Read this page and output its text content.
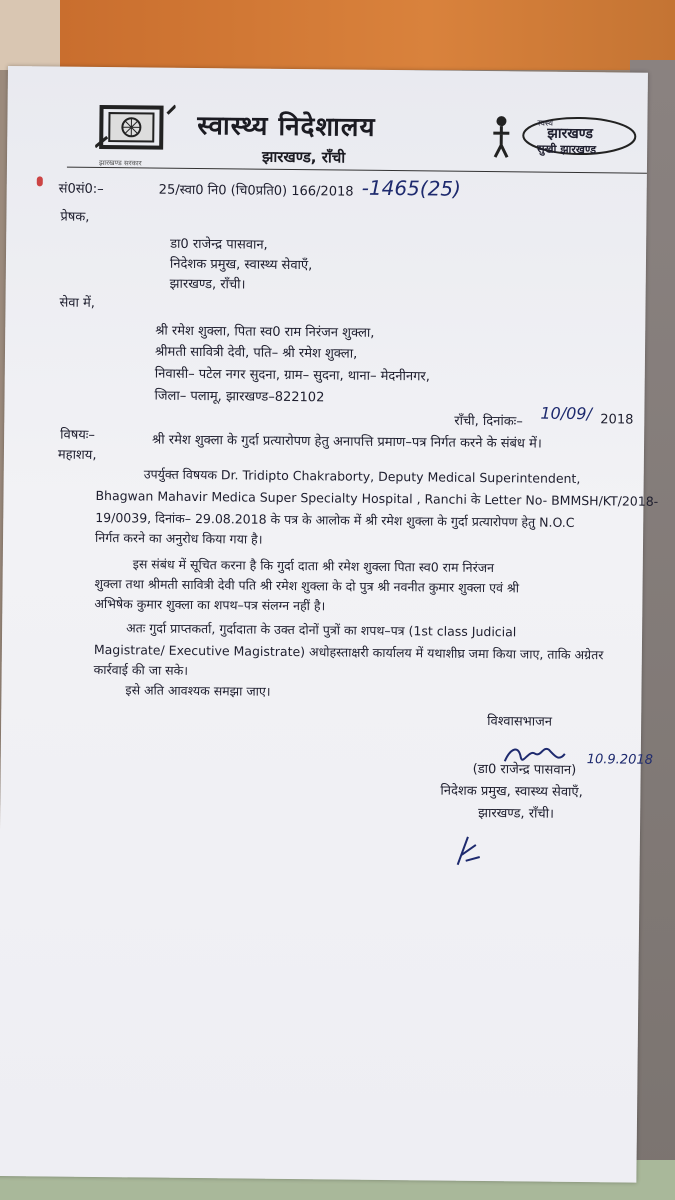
झारखण्ड सरकार
स्वास्थ्य निदेशालय
झारखण्ड, राँची
स्वस्थ
झारखण्ड
सुखी झारखण्ड
सं0सं0:–	25/स्वा0 नि0 (चि0प्रति0) 166/2018 -1465(25)
प्रेषक,
डा0 राजेन्द्र पासवान,
निदेशक प्रमुख, स्वास्थ्य सेवाएँ,
झारखण्ड, राँची।
सेवा में,
श्री रमेश शुक्ला, पिता स्व0 राम निरंजन शुक्ला,
श्रीमती सावित्री देवी, पति– श्री रमेश शुक्ला,
निवासी– पटेल नगर सुदना, ग्राम– सुदना, थाना– मेदनीनगर,
जिला– पलामू, झारखण्ड–822102
राँची, दिनांकः– 10/09/ 2018
विषयः–	श्री रमेश शुक्ला के गुर्दा प्रत्यारोपण हेतु अनापत्ति प्रमाण–पत्र निर्गत करने के संबंध में।
महाशय,
उपर्युक्त विषयक Dr. Tridipto Chakraborty, Deputy Medical Superintendent,
Bhagwan Mahavir Medica Super Specialty Hospital , Ranchi के Letter No- BMMSH/KT/2018-
19/0039, दिनांक– 29.08.2018 के पत्र के आलोक में श्री रमेश शुक्ला के गुर्दा प्रत्यारोपण हेतु N.O.C
निर्गत करने का अनुरोध किया गया है।
इस संबंध में सूचित करना है कि गुर्दा दाता श्री रमेश शुक्ला पिता स्व0 राम निरंजन
शुक्ला तथा श्रीमती सावित्री देवी पति श्री रमेश शुक्ला के दो पुत्र श्री नवनीत कुमार शुक्ला एवं श्री
अभिषेक कुमार शुक्ला का शपथ–पत्र संलग्न नहीं है।
अतः गुर्दा प्राप्तकर्ता, गुर्दादाता के उक्त दोनों पुत्रों का शपथ–पत्र (1st class Judicial
Magistrate/ Executive Magistrate) अधोहस्ताक्षरी कार्यालय में यथाशीघ्र जमा किया जाए, ताकि अग्रेतर
कार्रवाई की जा सके।
इसे अति आवश्यक समझा जाए।
विश्वासभाजन
10.9.2018
(डा0 राजेन्द्र पासवान)
निदेशक प्रमुख, स्वास्थ्य सेवाएँ,
झारखण्ड, राँची।
